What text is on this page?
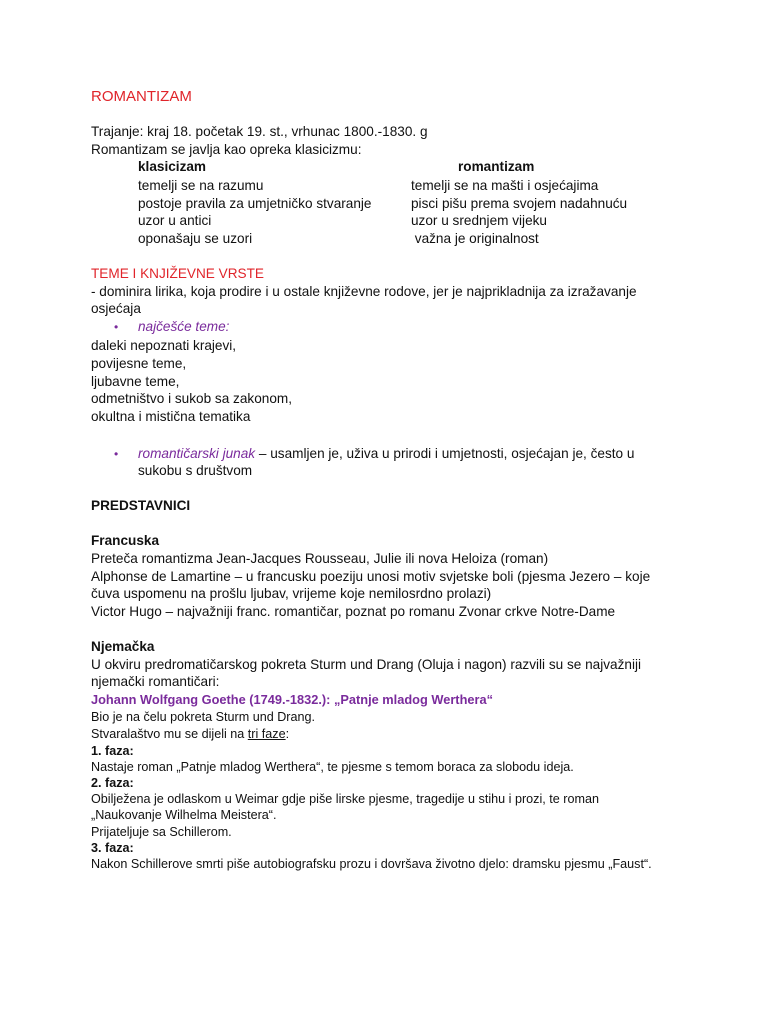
ROMANTIZAM
Trajanje: kraj 18. početak 19. st., vrhunac 1800.-1830. g
Romantizam se javlja kao opreka klasicizmu:
klasicizam	romantizam
temelji se na razumu	temelji se na mašti i osjećajima
postoje pravila za umjetničko stvaranje	pisci pišu prema svojem nadahnuću
uzor u antici	uzor u srednjem vijeku
oponašaju se uzori	važna je originalnost
TEME I KNJIŽEVNE VRSTE
- dominira lirika, koja prodire i u ostale književne rodove, jer je najprikladnija za izražavanje
osjećaja
• najčešće teme:
daleki nepoznati krajevi,
povijesne teme,
ljubavne teme,
odmetništvo i sukob sa zakonom,
okultna i mistična tematika
• romantičarski junak – usamljen je, uživa u prirodi i umjetnosti, osjećajan je, često u
sukobu s društvom
PREDSTAVNICI
Francuska
Preteča romantizma Jean-Jacques Rousseau, Julie ili nova Heloiza (roman)
Alphonse de Lamartine – u francusku poeziju unosi motiv svjetske boli (pjesma Jezero – koje
čuva uspomenu na prošlu ljubav, vrijeme koje nemilosrdno prolazi)
Victor Hugo – najvažniji franc. romantičar, poznat po romanu Zvonar crkve Notre-Dame
Njemačka
U okviru predromatičarskog pokreta Sturm und Drang (Oluja i nagon) razvili su se najvažniji
njemački romantičari:
Johann Wolfgang Goethe (1749.-1832.): „Patnje mladog Werthera“
Bio je na čelu pokreta Sturm und Drang.
Stvaralaštvo mu se dijeli na tri faze:
1. faza:
Nastaje roman „Patnje mladog Werthera“, te pjesme s temom boraca za slobodu ideja.
2. faza:
Obilježena je odlaskom u Weimar gdje piše lirske pjesme, tragedije u stihu i prozi, te roman
„Naukovanje Wilhelma Meistera“.
Prijateljuje sa Schillerom.
3. faza:
Nakon Schillerove smrti piše autobiografsku prozu i dovršava životno djelo: dramsku pjesmu „Faust“.
